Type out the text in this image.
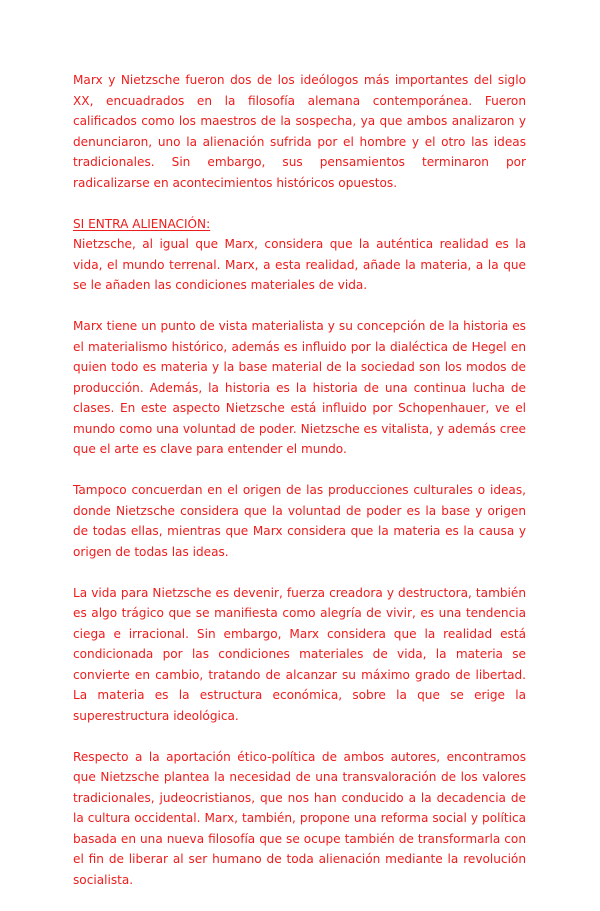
Marx y Nietzsche fueron dos de los ideólogos más importantes del siglo XX, encuadrados en la filosofía alemana contemporánea. Fueron calificados como los maestros de la sospecha, ya que ambos analizaron y denunciaron, uno la alienación sufrida por el hombre y el otro las ideas tradicionales. Sin embargo, sus pensamientos terminaron por radicalizarse en acontecimientos históricos opuestos.

SI ENTRA ALIENACIÓN:
Nietzsche, al igual que Marx, considera que la auténtica realidad es la vida, el mundo terrenal. Marx, a esta realidad, añade la materia, a la que se le añaden las condiciones materiales de vida.

Marx tiene un punto de vista materialista y su concepción de la historia es el materialismo histórico, además es influido por la dialéctica de Hegel en quien todo es materia y la base material de la sociedad son los modos de producción. Además, la historia es la historia de una continua lucha de clases. En este aspecto Nietzsche está influido por Schopenhauer, ve el mundo como una voluntad de poder. Nietzsche es vitalista, y además cree que el arte es clave para entender el mundo.

Tampoco concuerdan en el origen de las producciones culturales o ideas, donde Nietzsche considera que la voluntad de poder es la base y origen de todas ellas, mientras que Marx considera que la materia es la causa y origen de todas las ideas.

La vida para Nietzsche es devenir, fuerza creadora y destructora, también es algo trágico que se manifiesta como alegría de vivir, es una tendencia ciega e irracional. Sin embargo, Marx considera que la realidad está condicionada por las condiciones materiales de vida, la materia se convierte en cambio, tratando de alcanzar su máximo grado de libertad. La materia es la estructura económica, sobre la que se erige la superestructura ideológica.

Respecto a la aportación ético-política de ambos autores, encontramos que Nietzsche plantea la necesidad de una transvaloración de los valores tradicionales, judeocristianos, que nos han conducido a la decadencia de la cultura occidental. Marx, también, propone una reforma social y política basada en una nueva filosofía que se ocupe también de transformarla con el fin de liberar al ser humano de toda alienación mediante la revolución socialista.
